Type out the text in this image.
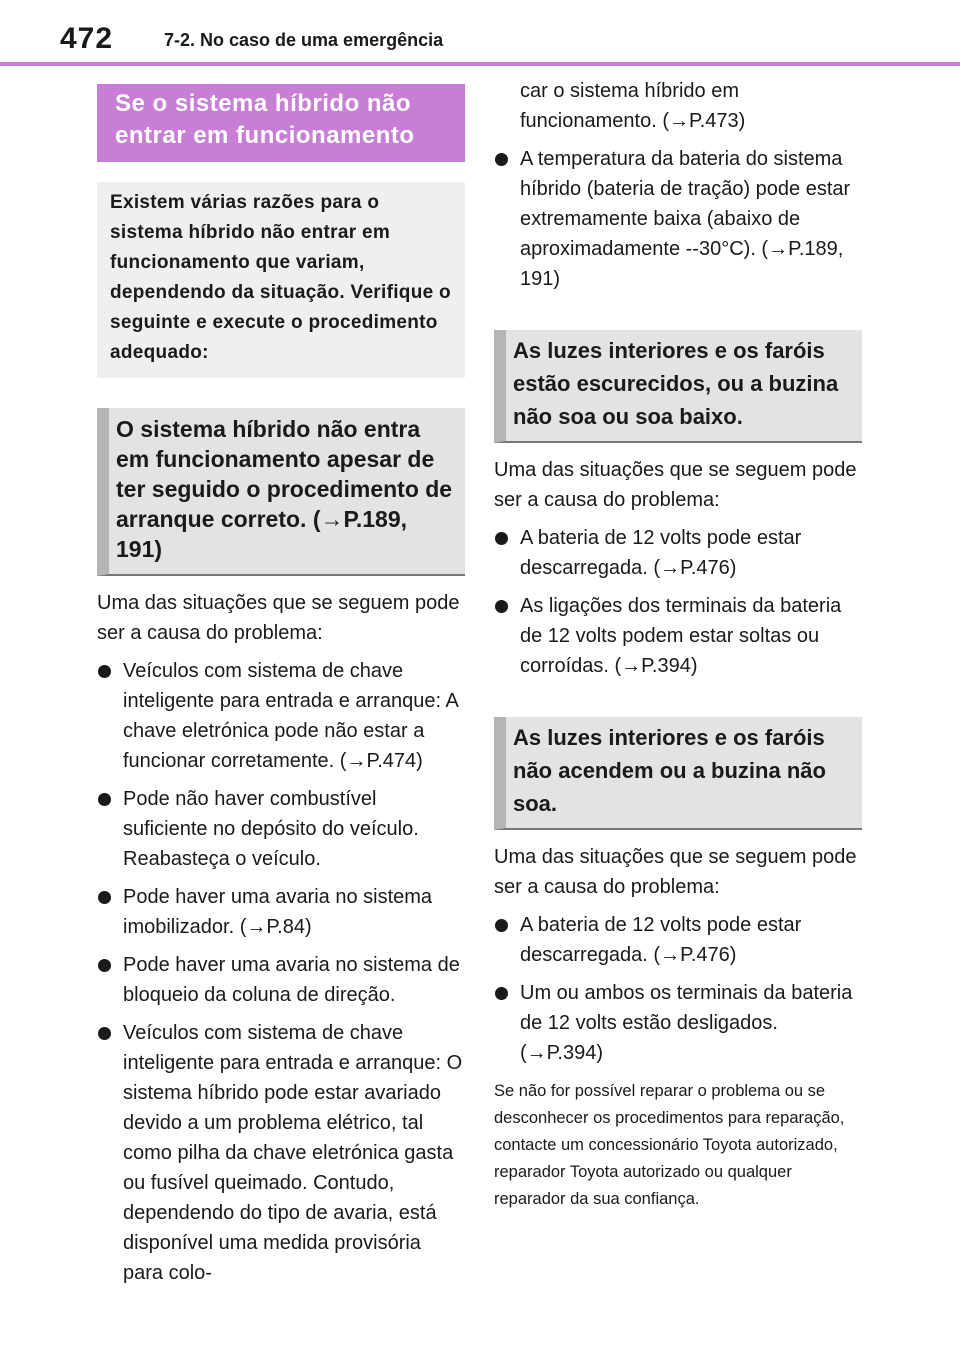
472	7-2. No caso de uma emergência
Se o sistema híbrido não entrar em funcionamento
Existem várias razões para o sistema híbrido não entrar em funcionamento que variam, dependendo da situação. Verifique o seguinte e execute o procedimento adequado:
O sistema híbrido não entra em funcionamento apesar de ter seguido o procedimento de arranque correto. (→P.189, 191)

Uma das situações que se seguem pode ser a causa do problema:

Veículos com sistema de chave inteligente para entrada e arranque: A chave eletrónica pode não estar a funcionar corretamente. (→P.474)
Pode não haver combustível suficiente no depósito do veículo. Reabasteça o veículo.
Pode haver uma avaria no sistema imobilizador. (→P.84)
Pode haver uma avaria no sistema de bloqueio da coluna de direção.
Veículos com sistema de chave inteligente para entrada e arranque: O sistema híbrido pode estar avariado devido a um problema elétrico, tal como pilha da chave eletrónica gasta ou fusível queimado. Contudo, dependendo do tipo de avaria, está disponível uma medida provisória para colo-
car o sistema híbrido em funcionamento. (→P.473)
A temperatura da bateria do sistema híbrido (bateria de tração) pode estar extremamente baixa (abaixo de aproximadamente --30°C). (→P.189, 191)
As luzes interiores e os faróis estão escurecidos, ou a buzina não soa ou soa baixo.

Uma das situações que se seguem pode ser a causa do problema:

A bateria de 12 volts pode estar descarregada. (→P.476)
As ligações dos terminais da bateria de 12 volts podem estar soltas ou corroídas. (→P.394)
As luzes interiores e os faróis não acendem ou a buzina não soa.

Uma das situações que se seguem pode ser a causa do problema:

A bateria de 12 volts pode estar descarregada. (→P.476)
Um ou ambos os terminais da bateria de 12 volts estão desligados. (→P.394)
Se não for possível reparar o problema ou se desconhecer os procedimentos para reparação, contacte um concessionário Toyota autorizado, reparador Toyota autorizado ou qualquer reparador da sua confiança.
